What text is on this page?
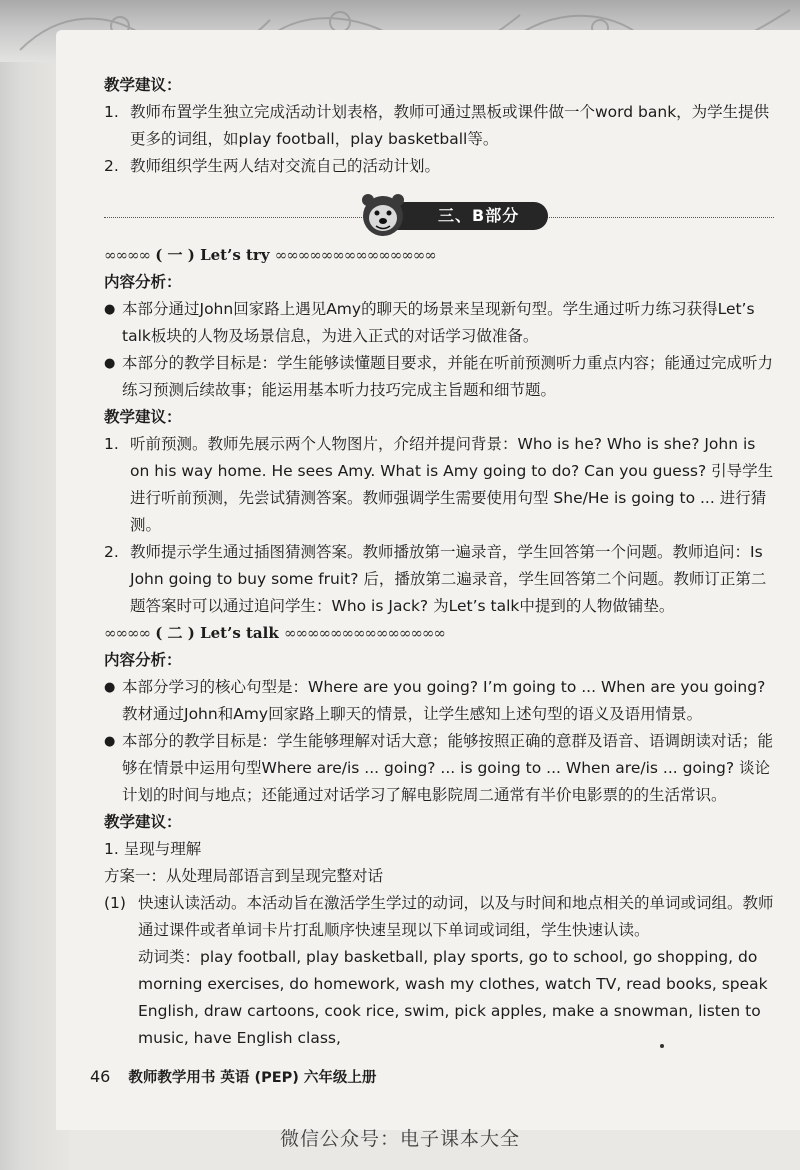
教学建议：
1. 教师布置学生独立完成活动计划表格，教师可通过黑板或课件做一个word bank，为学生提供更多的词组，如play football，play basketball等。
2. 教师组织学生两人结对交流自己的活动计划。
三、B部分
∞∞∞∞ ( 一 ) Let’s try ∞∞∞∞∞∞∞∞∞∞∞∞∞∞
内容分析：
● 本部分通过John回家路上遇见Amy的聊天的场景来呈现新句型。学生通过听力练习获得Let’s talk板块的人物及场景信息，为进入正式的对话学习做准备。
● 本部分的教学目标是：学生能够读懂题目要求，并能在听前预测听力重点内容；能通过完成听力练习预测后续故事；能运用基本听力技巧完成主旨题和细节题。
教学建议：
1. 听前预测。教师先展示两个人物图片，介绍并提问背景：Who is he? Who is she? John is on his way home. He sees Amy. What is Amy going to do? Can you guess? 引导学生进行听前预测，先尝试猜测答案。教师强调学生需要使用句型 She/He is going to ... 进行猜测。
2. 教师提示学生通过插图猜测答案。教师播放第一遍录音，学生回答第一个问题。教师追问：Is John going to buy some fruit? 后，播放第二遍录音，学生回答第二个问题。教师订正第二题答案时可以通过追问学生：Who is Jack? 为Let’s talk中提到的人物做铺垫。
∞∞∞∞ ( 二 ) Let’s talk ∞∞∞∞∞∞∞∞∞∞∞∞∞∞
内容分析：
● 本部分学习的核心句型是：Where are you going? I’m going to ... When are you going? 教材通过John和Amy回家路上聊天的情景，让学生感知上述句型的语义及语用情景。
● 本部分的教学目标是：学生能够理解对话大意；能够按照正确的意群及语音、语调朗读对话；能够在情景中运用句型Where are/is ... going? ... is going to ... When are/is ... going? 谈论计划的时间与地点；还能通过对话学习了解电影院周二通常有半价电影票的的生活常识。
教学建议：
1. 呈现与理解
方案一：从处理局部语言到呈现完整对话
(1) 快速认读活动。本活动旨在激活学生学过的动词，以及与时间和地点相关的单词或词组。教师通过课件或者单词卡片打乱顺序快速呈现以下单词或词组，学生快速认读。
动词类：play football, play basketball, play sports, go to school, go shopping, do morning exercises, do homework, wash my clothes, watch TV, read books, speak English, draw cartoons, cook rice, swim, pick apples, make a snowman, listen to music, have English class,
46 教师教学用书 英语 (PEP) 六年级上册
微信公众号：电子课本大全
